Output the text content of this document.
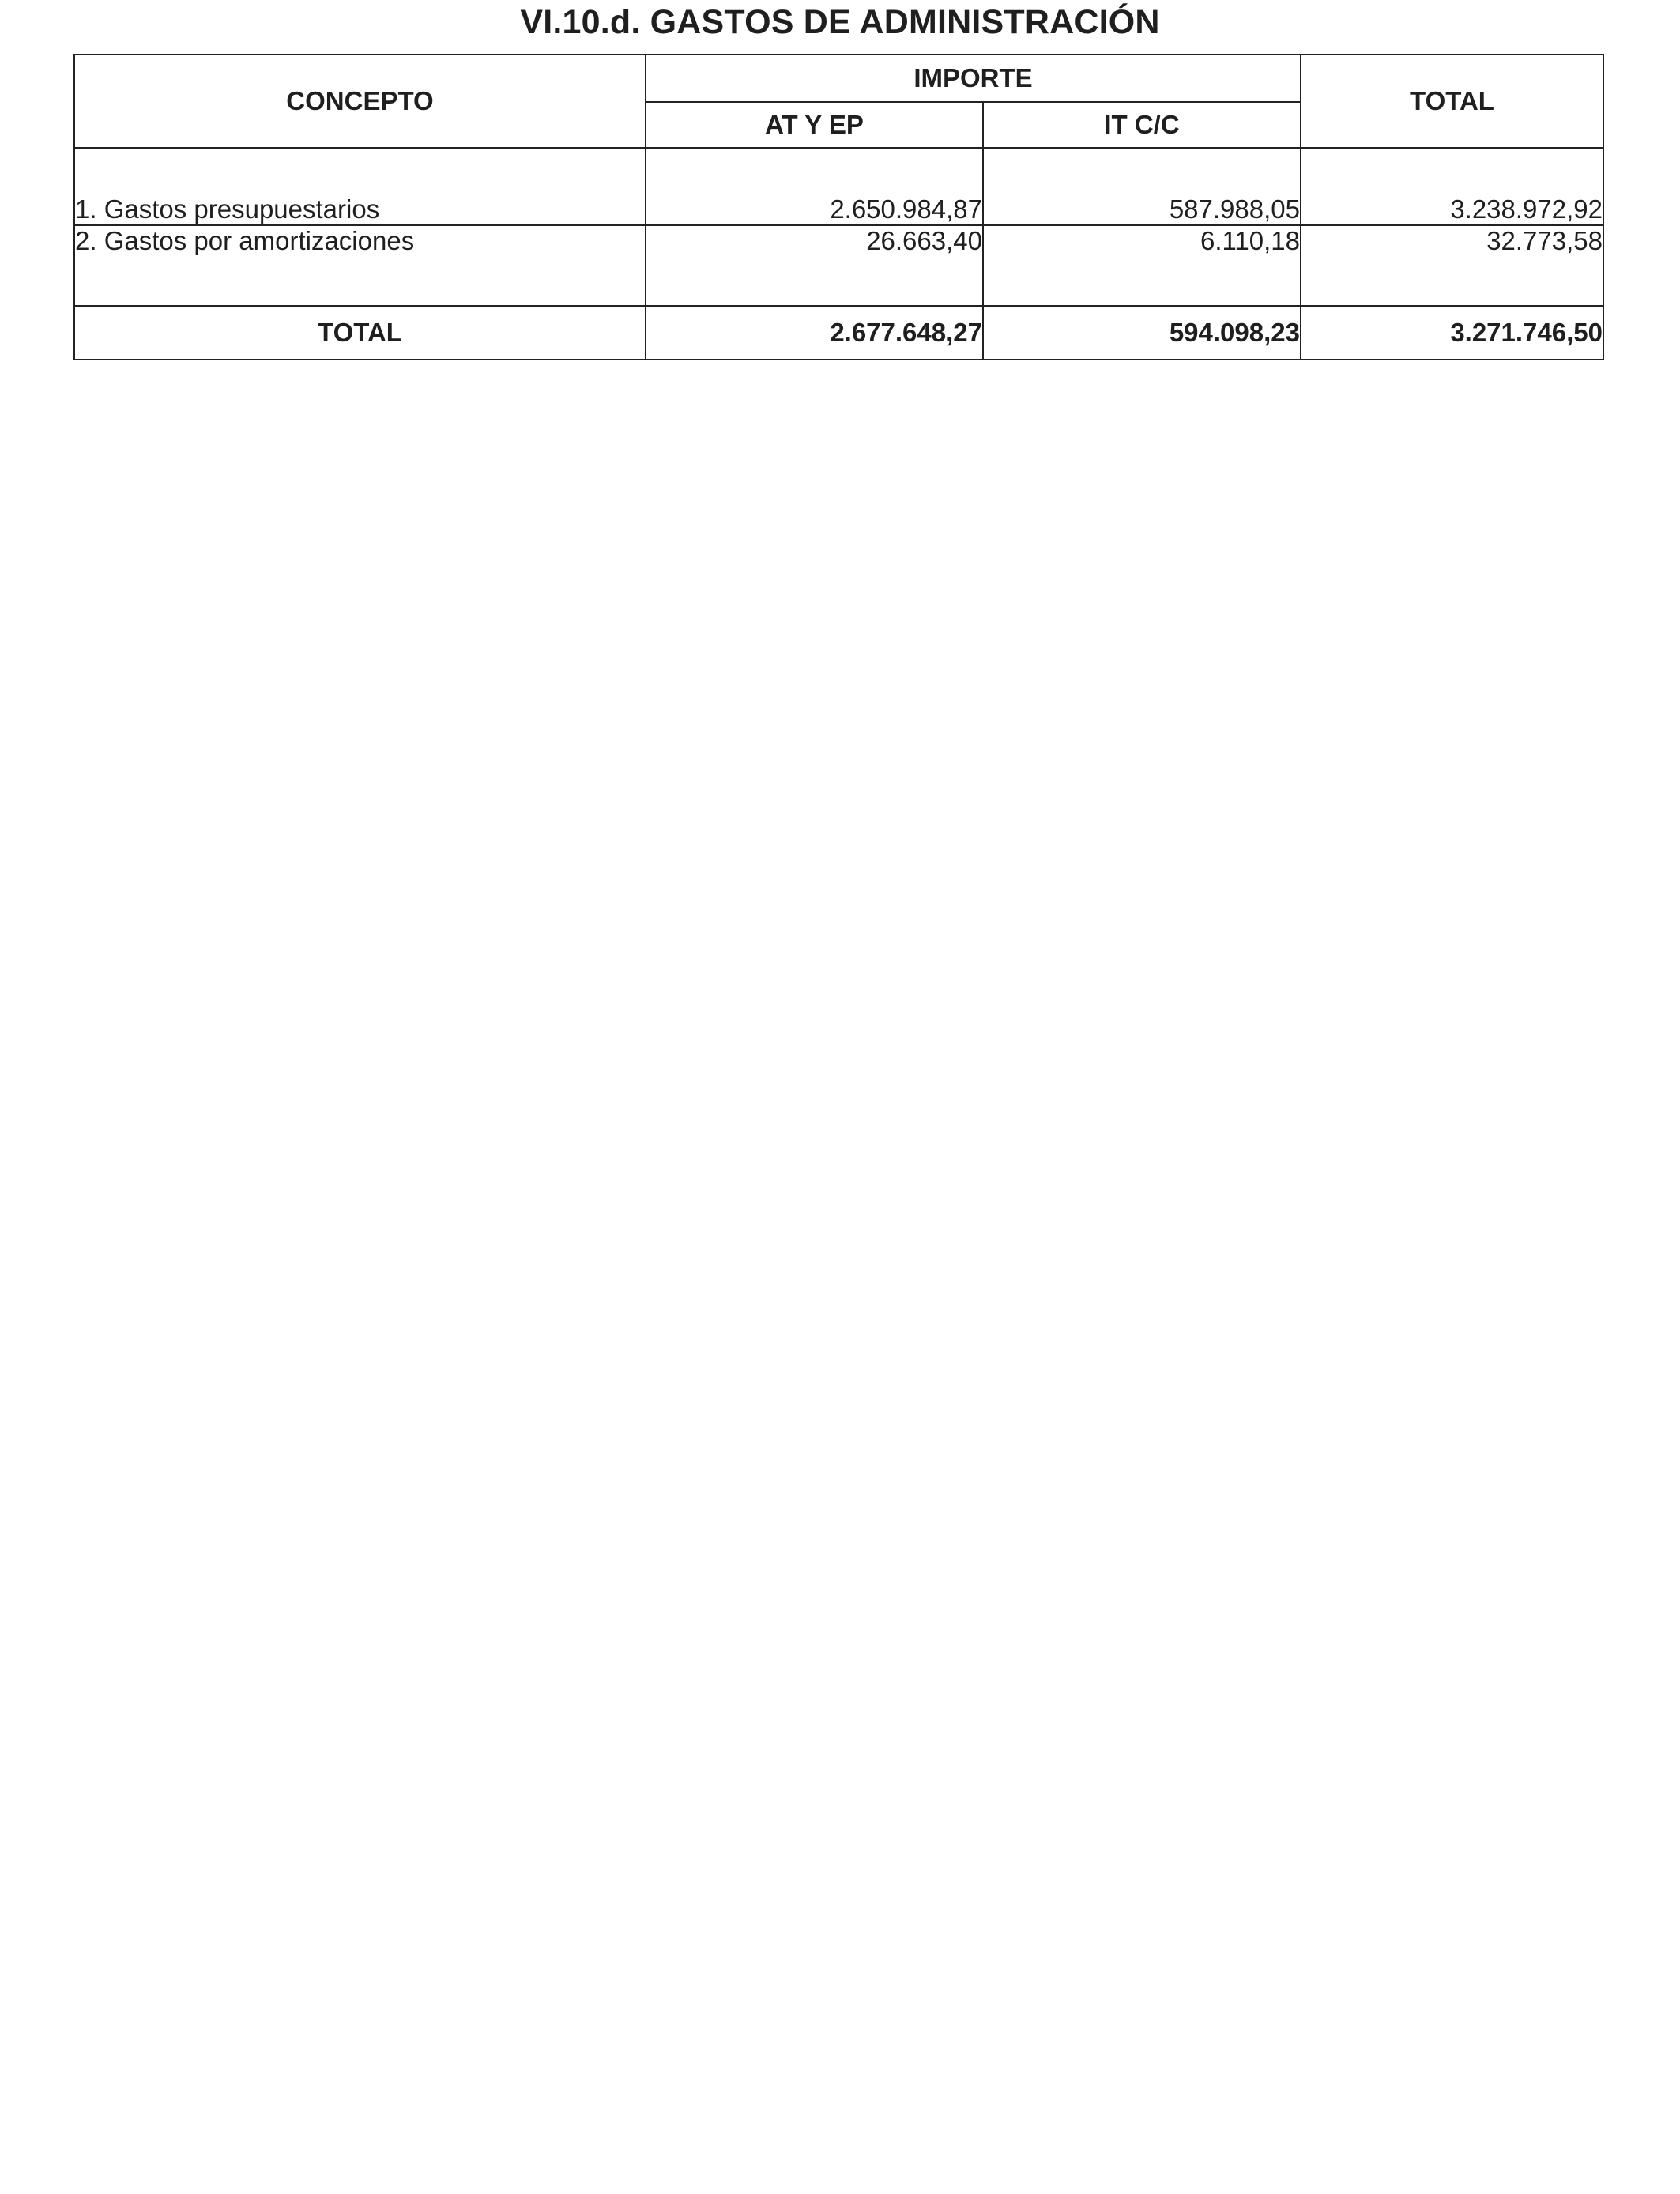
VI.10.d. GASTOS DE ADMINISTRACIÓN
CONCEPTO	IMPORTE		TOTAL
	AT Y EP	IT C/C	
1. Gastos presupuestarios	2.650.984,87	587.988,05	3.238.972,92
2. Gastos por amortizaciones	26.663,40	6.110,18	32.773,58
TOTAL	2.677.648,27	594.098,23	3.271.746,50
